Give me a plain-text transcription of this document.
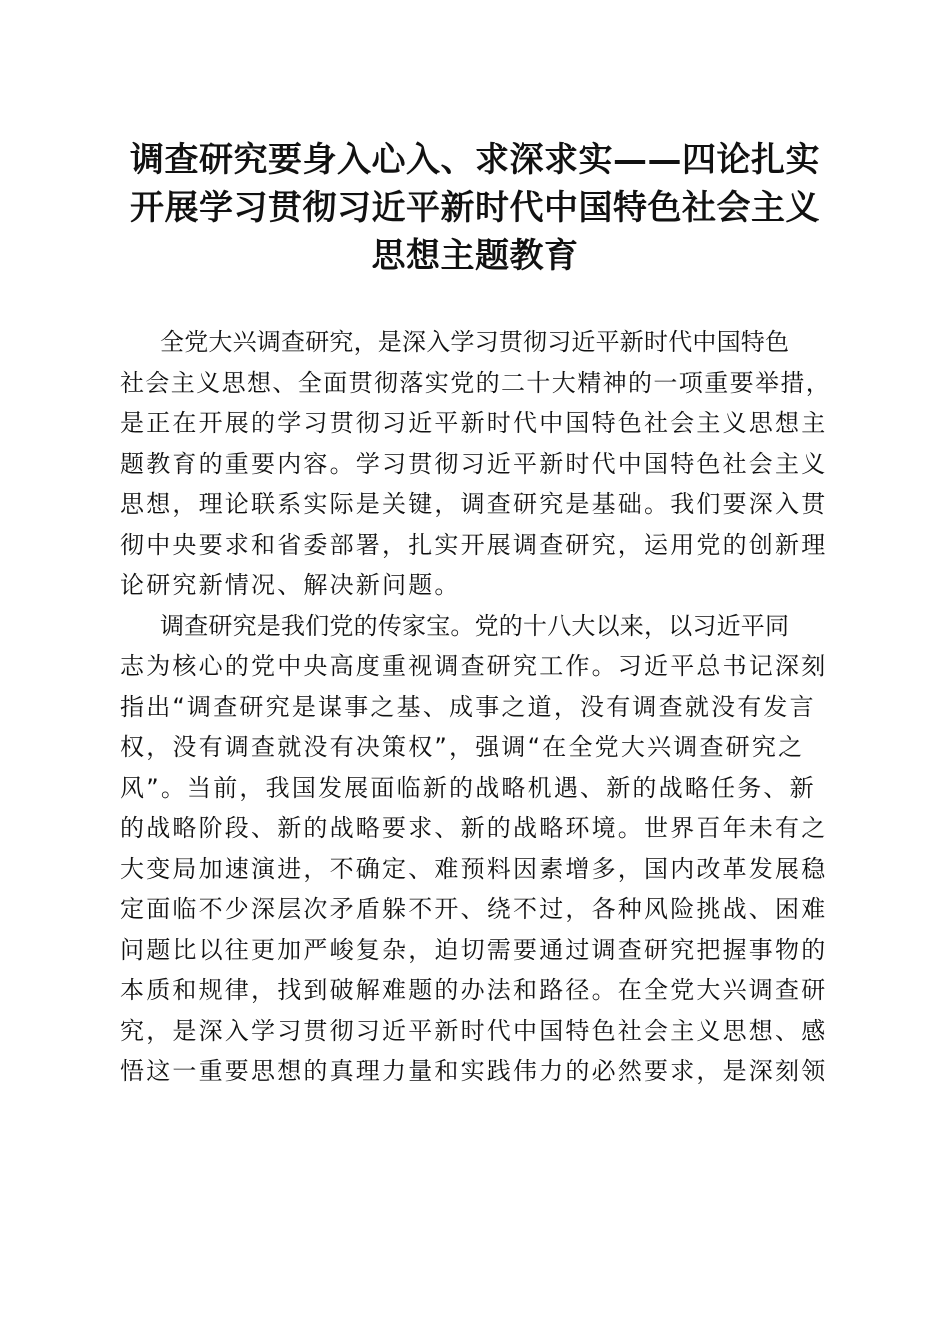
调查研究要身入心入、求深求实——四论扎实
开展学习贯彻习近平新时代中国特色社会主义
思想主题教育

全党大兴调查研究，是深入学习贯彻习近平新时代中国特色
社会主义思想、全面贯彻落实党的二十大精神的一项重要举措，
是正在开展的学习贯彻习近平新时代中国特色社会主义思想主
题教育的重要内容。学习贯彻习近平新时代中国特色社会主义
思想，理论联系实际是关键，调查研究是基础。我们要深入贯
彻中央要求和省委部署，扎实开展调查研究，运用党的创新理
论研究新情况、解决新问题。

调查研究是我们党的传家宝。党的十八大以来，以习近平同
志为核心的党中央高度重视调查研究工作。习近平总书记深刻
指出“调查研究是谋事之基、成事之道，没有调查就没有发言
权，没有调查就没有决策权”，强调“在全党大兴调查研究之
风”。当前，我国发展面临新的战略机遇、新的战略任务、新
的战略阶段、新的战略要求、新的战略环境。世界百年未有之
大变局加速演进，不确定、难预料因素增多，国内改革发展稳
定面临不少深层次矛盾躲不开、绕不过，各种风险挑战、困难
问题比以往更加严峻复杂，迫切需要通过调查研究把握事物的
本质和规律，找到破解难题的办法和路径。在全党大兴调查研
究，是深入学习贯彻习近平新时代中国特色社会主义思想、感
悟这一重要思想的真理力量和实践伟力的必然要求，是深刻领
